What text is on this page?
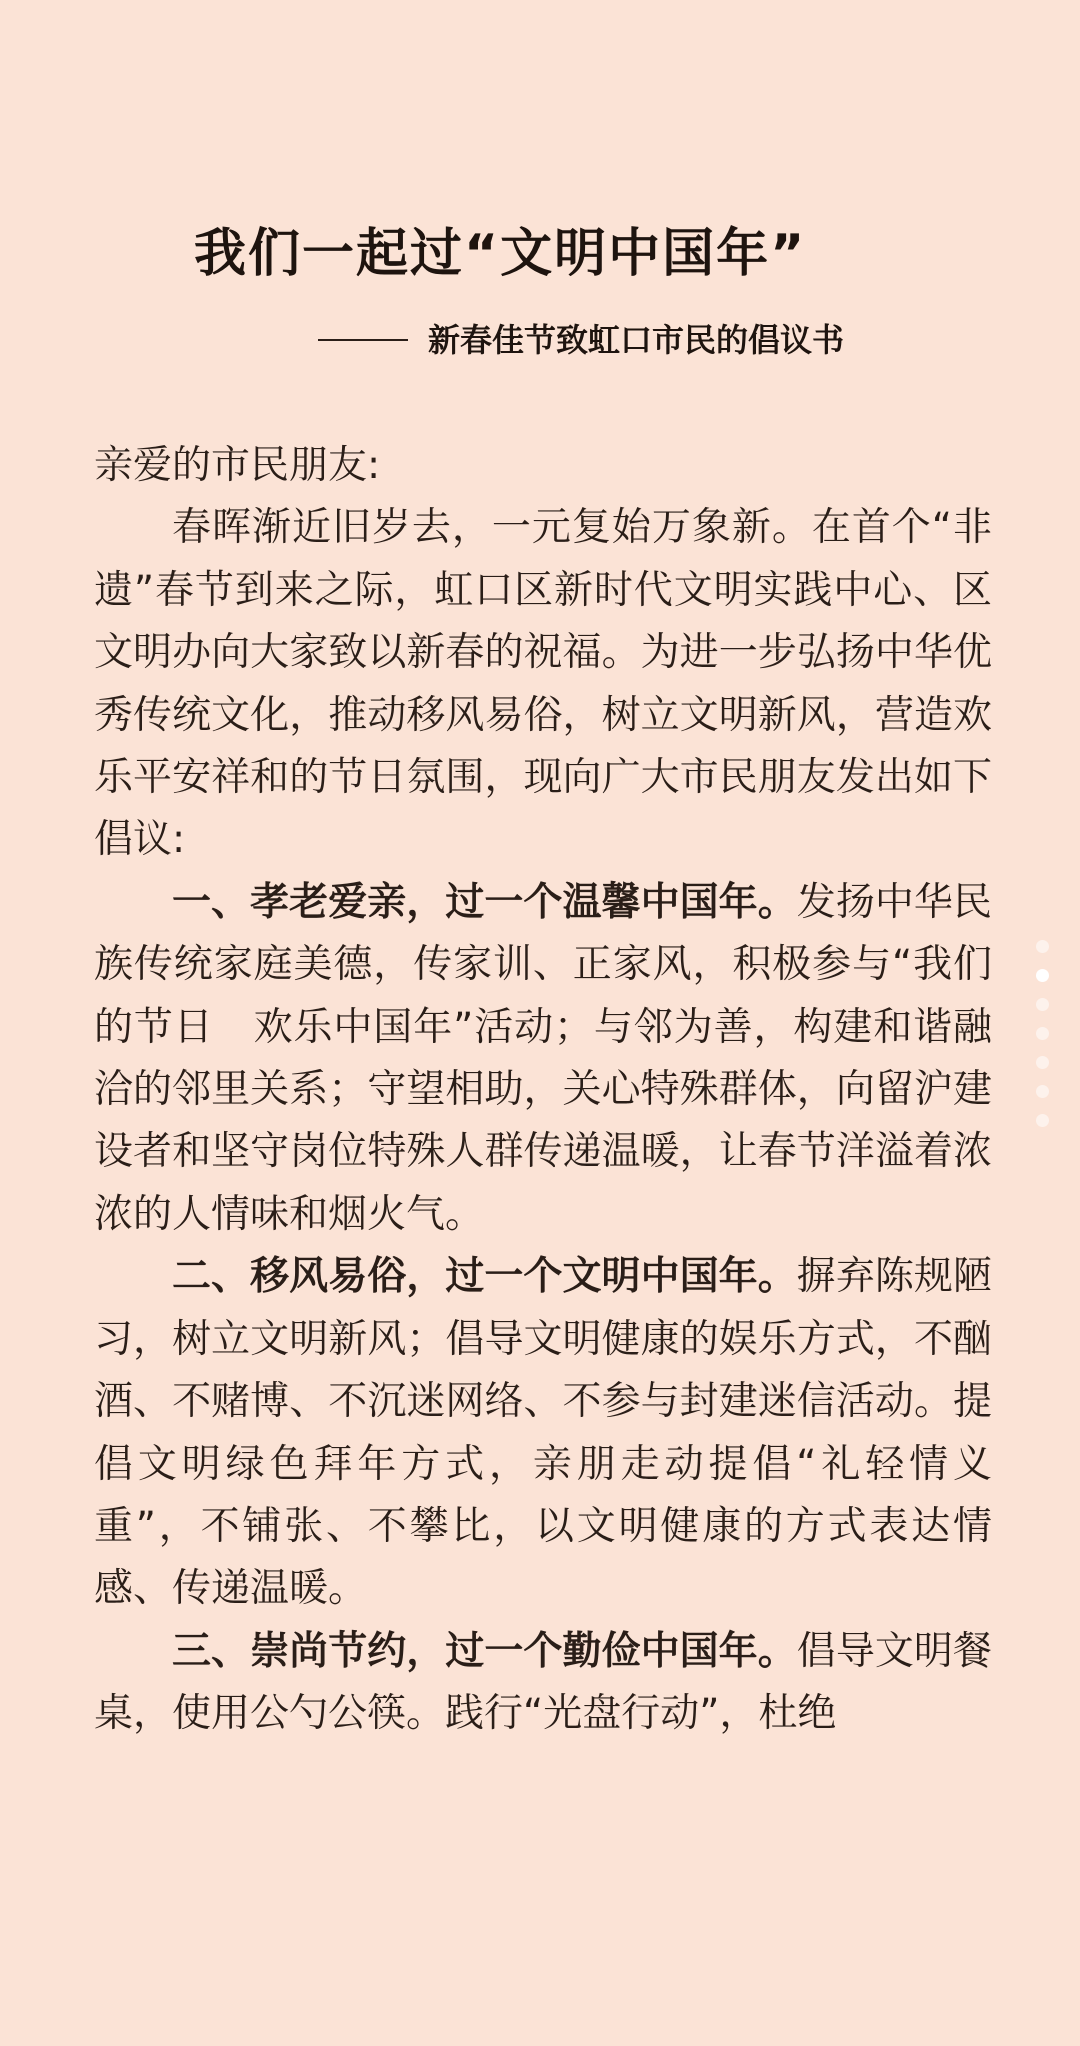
我们一起过“文明中国年”
新春佳节致虹口市民的倡议书

亲爱的市民朋友:

春晖渐近旧岁去，一元复始万象新。在首个“非遗”春节到来之际，虹口区新时代文明实践中心、区文明办向大家致以新春的祝福。为进一步弘扬中华优秀传统文化，推动移风易俗，树立文明新风，营造欢乐平安祥和的节日氛围，现向广大市民朋友发出如下倡议:

一、孝老爱亲，过一个温馨中国年。发扬中华民族传统家庭美德，传家训、正家风，积极参与“我们的节日　欢乐中国年”活动；与邻为善，构建和谐融洽的邻里关系；守望相助，关心特殊群体，向留沪建设者和坚守岗位特殊人群传递温暖，让春节洋溢着浓浓的人情味和烟火气。

二、移风易俗，过一个文明中国年。摒弃陈规陋习，树立文明新风；倡导文明健康的娱乐方式，不酗酒、不赌博、不沉迷网络、不参与封建迷信活动。提倡文明绿色拜年方式，亲朋走动提倡“礼轻情义重”，不铺张、不攀比，以文明健康的方式表达情感、传递温暖。

三、崇尚节约，过一个勤俭中国年。倡导文明餐桌，使用公勺公筷。践行“光盘行动”，杜绝
